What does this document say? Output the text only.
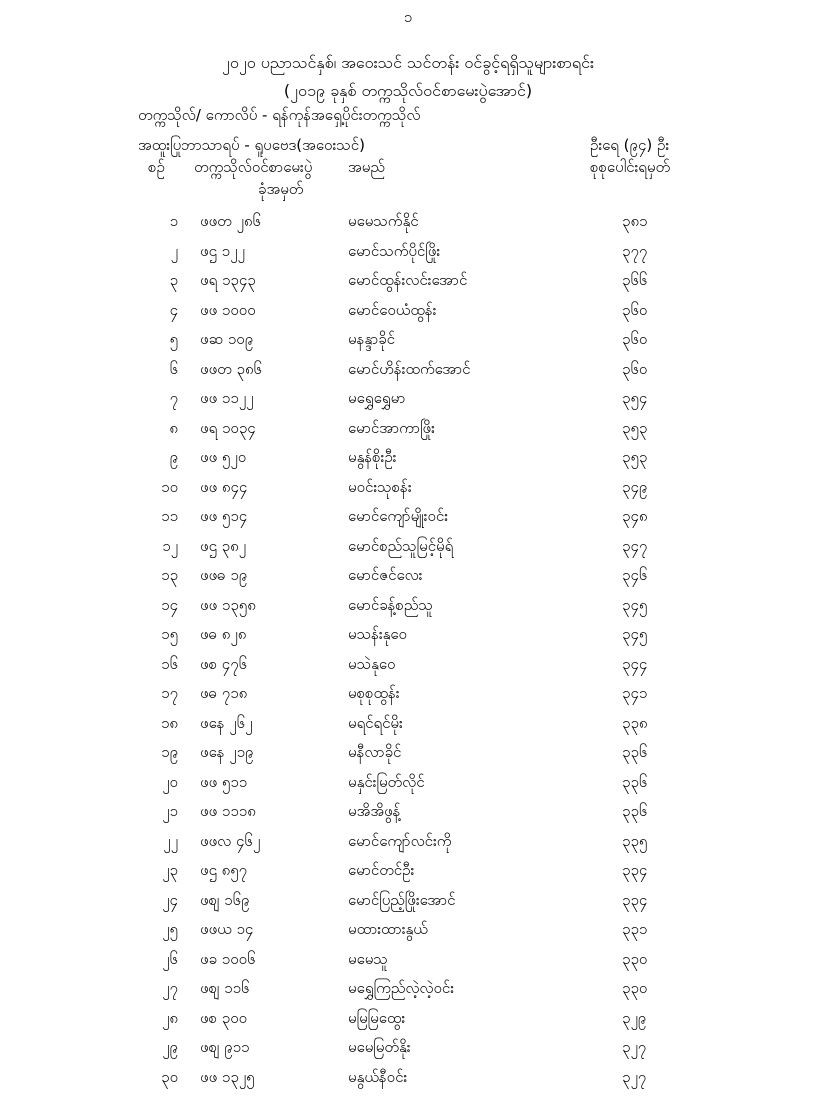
၁
၂၀၂၀ ပညာသင်နှစ်၊ အဝေးသင် သင်တန်း ဝင်ခွင့်ရရှိသူများစာရင်း
(၂၀၁၉ ခုနှစ် တက္ကသိုလ်ဝင်စာမေးပွဲအောင်)
တက္ကသိုလ်/ ကောလိပ် - ရန်ကုန်အရှေ့ပိုင်းတက္ကသိုလ်
အထူးပြုဘာသာရပ် - ရူပဗေဒ(အဝေးသင်)	ဦးရေ (၉၄) ဦး
စဉ် တက္ကသိုလ်ဝင်စာမေးပွဲ
ခုံအမှတ်
အမည်	စုစုပေါင်းရမှတ်
၁ ဖဖတ ၂၈၆	မမေသက်နိုင်	၃၈၁
၂ ဖဌ ၁၂၂	မောင်သက်ပိုင်ဖြိုး	၃၇၇
၃ ဖရ ၁၃၄၃	မောင်ထွန်းလင်းအောင်	၃၆၆
၄ ဖဖ ၁၀၀၀	မောင်ဝေယံထွန်း	၃၆၀
၅ ဖဆ ၁၀၉	မနန္ဒာခိုင်	၃၆၀
၆ ဖဖတ ၃၈၆	မောင်ဟိန်းထက်အောင်	၃၆၀
၇ ဖဖ ၁၁၂၂	မရွှေရွှေမာ	၃၅၄
၈ ဖရ ၁၀၃၄	မောင်အာကာဖြိုး	၃၅၃
၉ ဖဖ ၅၂၀	မနွန်စိုးဦး	၃၅၃
၁၀ ဖဖ ၈၄၄	မဝင်းသုစန်း	၃၄၉
၁၁ ဖဖ ၅၁၄	မောင်ကျော်မျိုးဝင်း	၃၄၈
၁၂ ဖဌ ၃၈၂	မောင်စည်သူမြင့်မိုရ်	၃၄၇
၁၃ ဖဖဓ ၁၉	မောင်ဇင်လေး	၃၄၆
၁၄ ဖဖ ၁၃၅၈	မောင်ခန့်စည်သူ	၃၄၅
၁၅ ဖဓ ၈၂၈	မသန်းနုဝေ	၃၄၅
၁၆ ဖစ ၄၇၆	မသဲနုဝေ	၃၄၄
၁၇ ဖဓ ၇၁၈	မစုစုထွန်း	၃၄၁
၁၈ ဖနေ ၂၆၂	မရင်ရင်မိုး	၃၃၈
၁၉ ဖနေ ၂၁၉	မနီလာခိုင်	၃၃၆
၂၀ ဖဖ ၅၁၁	မနှင်းမြတ်လိုင်	၃၃၆
၂၁ ဖဖ ၁၁၁၈	မအိအိဖွန့်	၃၃၆
၂၂ ဖဖလ ၄၆၂	မောင်ကျော်လင်းကို	၃၃၅
၂၃ ဖဌ ၈၅၇	မောင်တင်ဦး	၃၃၄
၂၄ ဖစျ ၁၆၉	မောင်ပြည့်ဖြိုးအောင်	၃၃၄
၂၅ ဖဖယ ၁၄	မထားထားနွယ်	၃၃၁
၂၆ ဖခ ၁၀၀၆	မမေသူ	၃၃၀
၂၇ ဖစျ ၁၁၆	မရွှေကြည်လဲ့လဲ့ဝင်း	၃၃၀
၂၈ ဖစ ၃၀၀	မမြမြထွေး	၃၂၉
၂၉ ဖစျ ၉၁၁	မမေမြတ်နိုး	၃၂၇
၃၀ ဖဖ ၁၃၂၅	မနွယ်နီဝင်း	၃၂၇
